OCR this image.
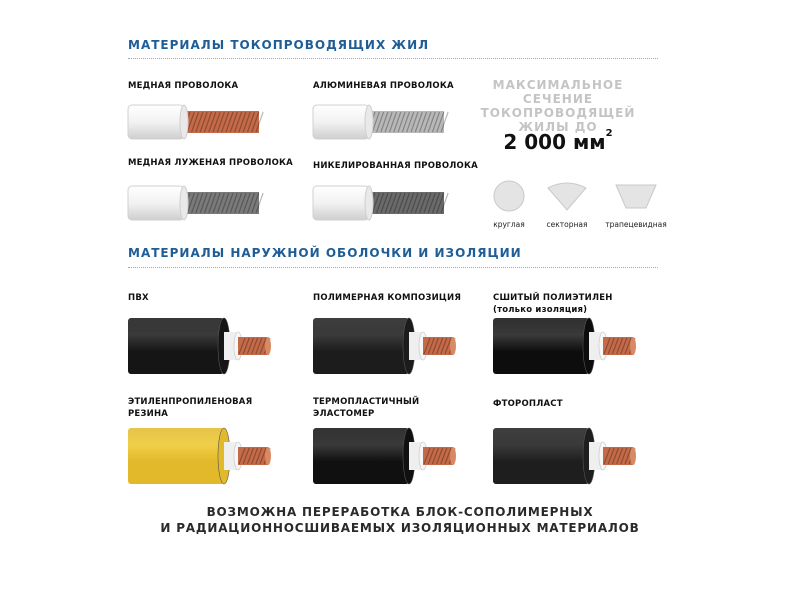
МАТЕРИАЛЫ ТОКОПРОВОДЯЩИХ ЖИЛ
МЕДНАЯ ПРОВОЛОКА	АЛЮМИНЕВАЯ ПРОВОЛОКА
МЕДНАЯ ЛУЖЕНАЯ ПРОВОЛОКА НИКЕЛИРОВАННАЯ ПРОВОЛОКА
МАКСИМАЛЬНОЕ СЕЧЕНИЕ
ТОКОПРОВОДЯЩЕЙ
ЖИЛЫ ДО
2 000 $мм^2$
круглая	секторная	трапецевидная
МАТЕРИАЛЫ НАРУЖНОЙ ОБОЛОЧКИ И ИЗОЛЯЦИИ
ПВХ	ПОЛИМЕРНАЯ КОМПОЗИЦИЯ	СШИТЫЙ ПОЛИЭТИЛЕН
(только изоляция)
ЭТИЛЕНПРОПИЛЕНОВАЯ
РЕЗИНА
ТЕРМОПЛАСТИЧНЫЙ
ЭЛАСТОМЕР
ФТОРОПЛАСТ
ВОЗМОЖНА ПЕРЕРАБОТКА БЛОК-СОПОЛИМЕРНЫХ
И РАДИАЦИОННОСШИВАЕМЫХ ИЗОЛЯЦИОННЫХ МАТЕРИАЛОВ
